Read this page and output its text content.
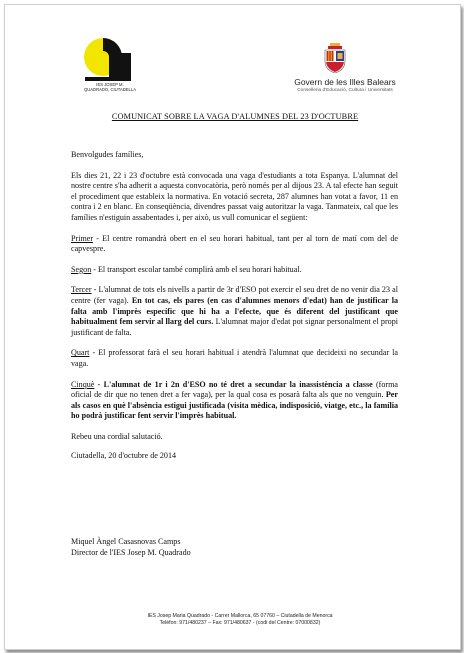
IES JOSEP M.
QUADRADO, CIUTADELLA
Govern de les Illes Balears
Conselleria d'Educació, Cultura i Universitats
COMUNICAT SOBRE LA VAGA D'ALUMNES DEL 23 D'OCTUBRE

Benvolgudes famílies,

Els dies 21, 22 i 23 d'octubre està convocada una vaga d'estudiants a tota Espanya. L'alumnat del nostre centre s'ha adherit a aquesta convocatòria, però només per al dijous 23. A tal efecte han seguit el procediment que estableix la normativa. En votació secreta, 287 alumnes han votat a favor, 11 en contra i 2 en blanc. En conseqüència, divendres passat vaig autoritzar la vaga. Tanmateix, cal que les famílies n'estiguin assabentades i, per això, us vull comunicar el següent:

Primer - El centre romandrà obert en el seu horari habitual, tant per al torn de matí com del de capvespre.

Segon - El transport escolar també complirà amb el seu horari habitual.

Tercer - L'alumnat de tots els nivells a partir de 3r d'ESO pot exercir el seu dret de no venir dia 23 al centre (fer vaga). En tot cas, els pares (en cas d'alumnes menors d'edat) han de justificar la falta amb l'imprès específic que hi ha a l'efecte, que és diferent del justificant que habitualment fem servir al llarg del curs. L'alumnat major d'edat pot signar personalment el propi justificant de falta.

Quart - El professorat farà el seu horari habitual i atendrà l'alumnat que decideixi no secundar la vaga.

Cinquè - L'alumnat de 1r i 2n d'ESO no té dret a secundar la inassistència a classe (forma oficial de dir que no tenen dret a fer vaga), per la qual cosa es posarà falta als que no venguin. Per als casos en què l'absència estigui justificada (visita mèdica, indisposició, viatge, etc., la família ho podrà justificar fent servir l'imprès habitual.

Rebeu una cordial salutació.

Ciutadella, 20 d'octubre de 2014

Miquel Àngel Casasnovas Camps
Director de l'IES Josep M. Quadrado
IES Josep Maria Quadrado - Carrer Mallorca, 65 07760 – Ciutadella de Menorca
Telèfon: 971/480237 – Fax: 971/480637 - (codi del Centre: 07000832)
